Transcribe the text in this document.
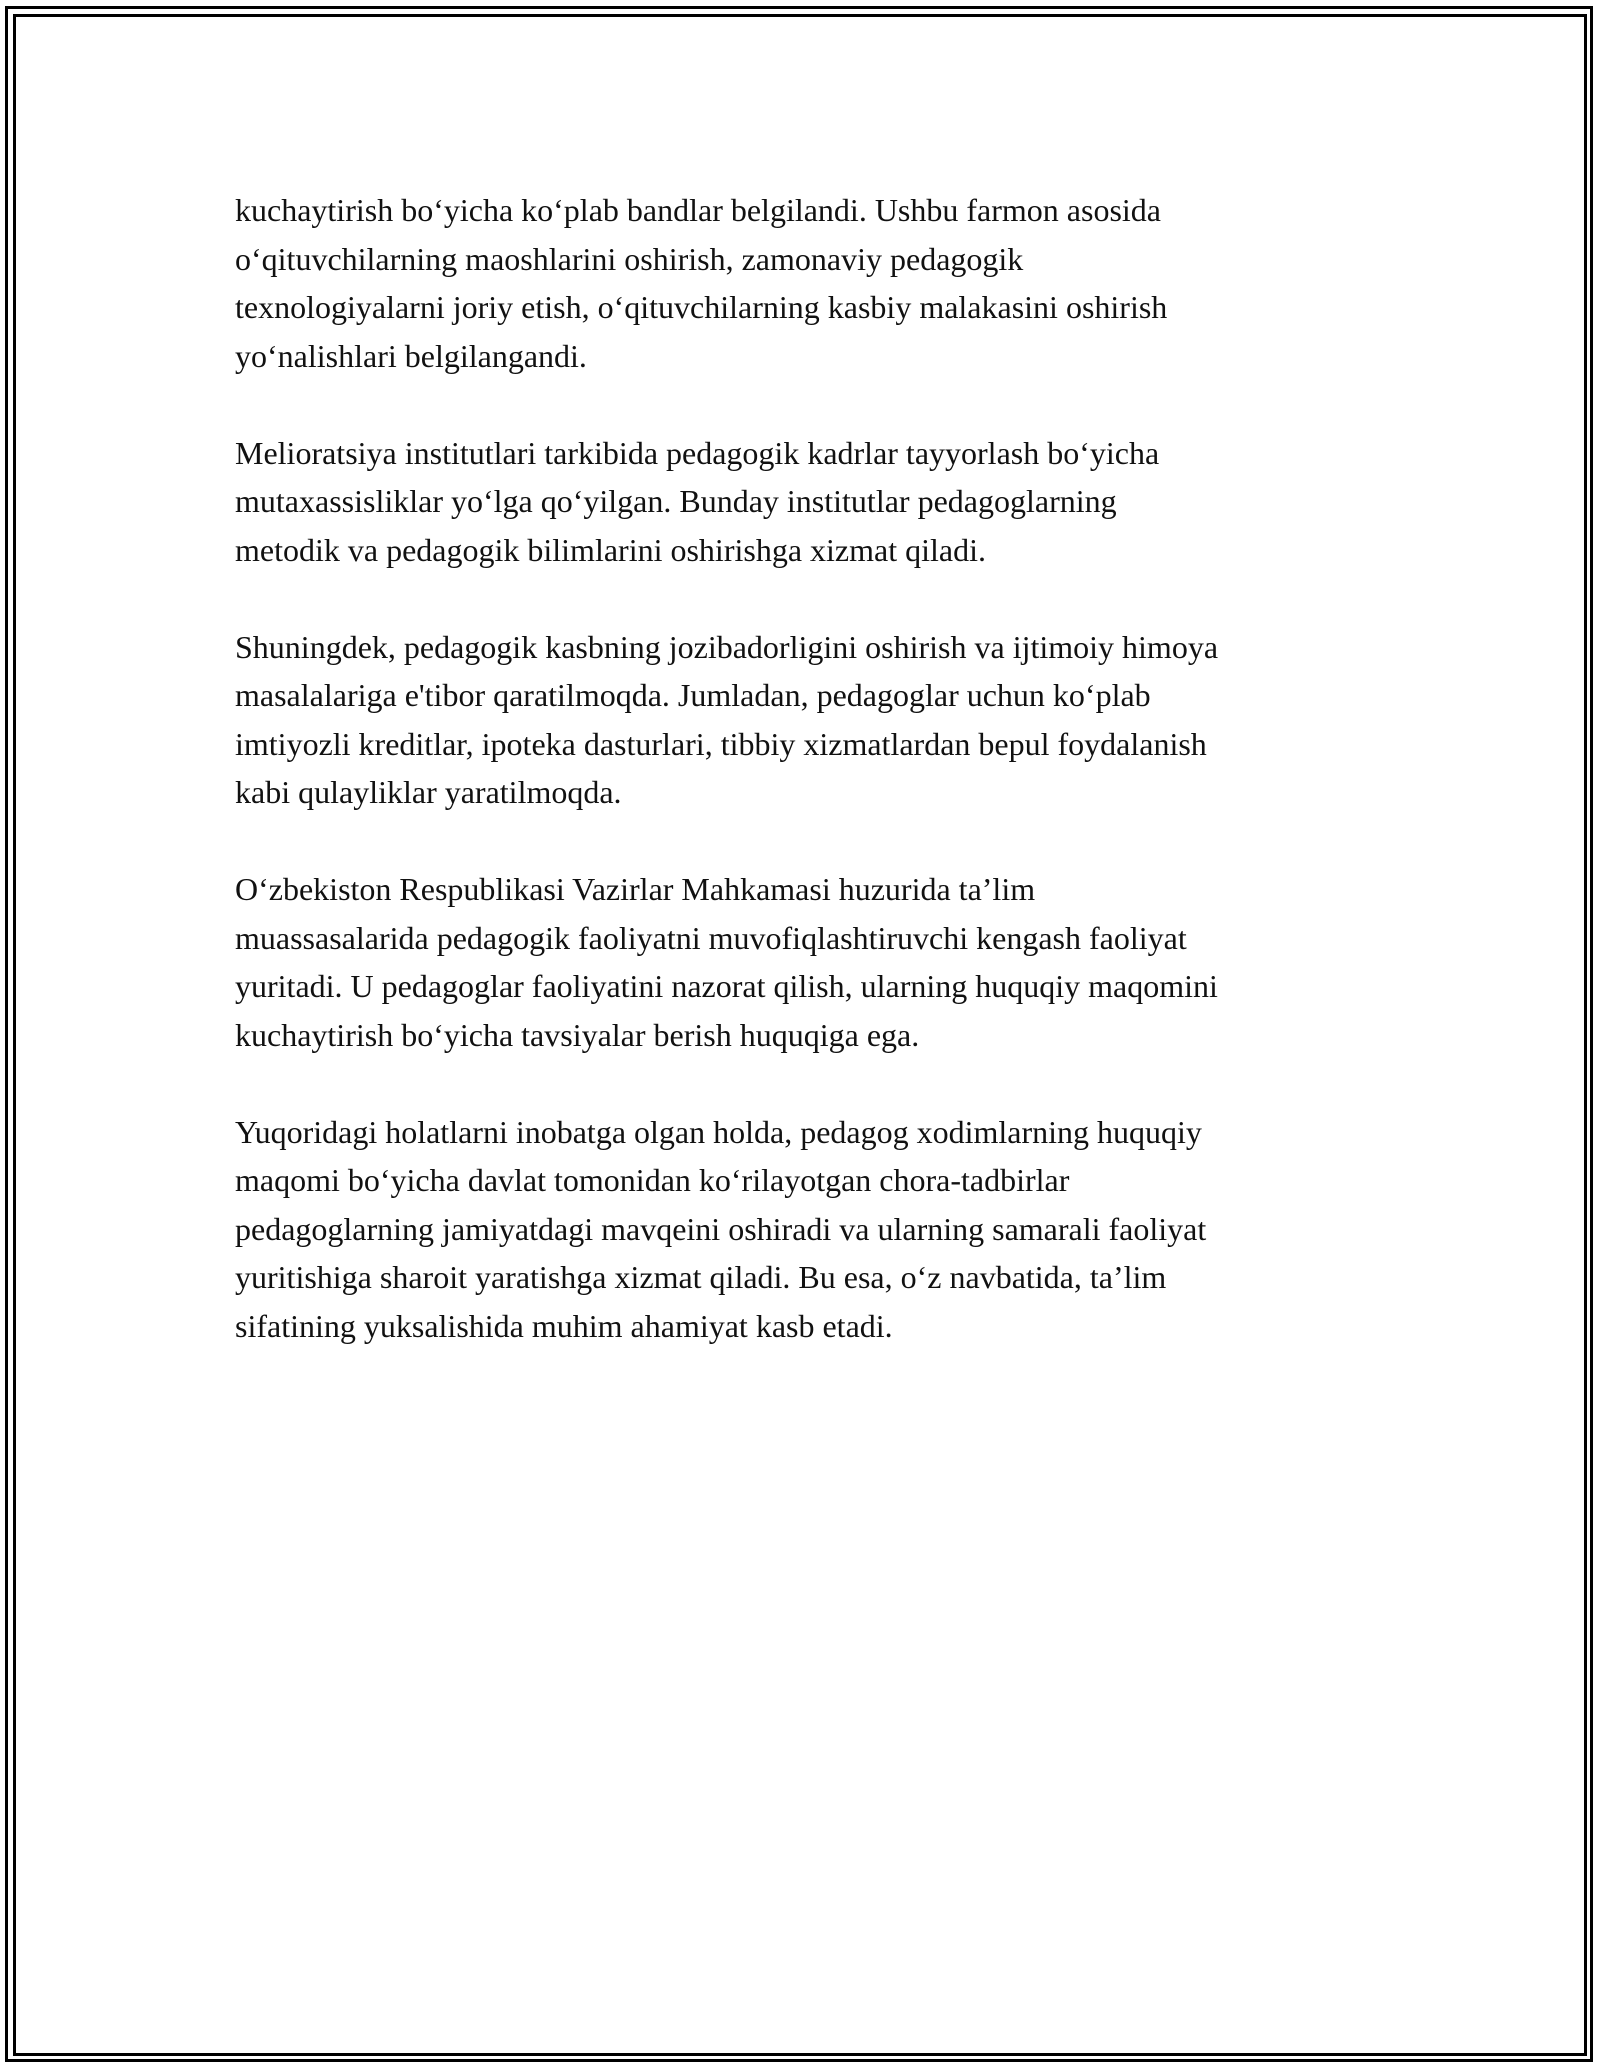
kuchaytirish bo‘yicha ko‘plab bandlar belgilandi. Ushbu farmon asosida
o‘qituvchilarning maoshlarini oshirish, zamonaviy pedagogik
texnologiyalarni joriy etish, o‘qituvchilarning kasbiy malakasini oshirish
yo‘nalishlari belgilangandi.

Melioratsiya institutlari tarkibida pedagogik kadrlar tayyorlash bo‘yicha
mutaxassisliklar yo‘lga qo‘yilgan. Bunday institutlar pedagoglarning
metodik va pedagogik bilimlarini oshirishga xizmat qiladi.

Shuningdek, pedagogik kasbning jozibadorligini oshirish va ijtimoiy himoya
masalalariga e'tibor qaratilmoqda. Jumladan, pedagoglar uchun ko‘plab
imtiyozli kreditlar, ipoteka dasturlari, tibbiy xizmatlardan bepul foydalanish
kabi qulayliklar yaratilmoqda.

O‘zbekiston Respublikasi Vazirlar Mahkamasi huzurida ta’lim
muassasalarida pedagogik faoliyatni muvofiqlashtiruvchi kengash faoliyat
yuritadi. U pedagoglar faoliyatini nazorat qilish, ularning huquqiy maqomini
kuchaytirish bo‘yicha tavsiyalar berish huquqiga ega.

Yuqoridagi holatlarni inobatga olgan holda, pedagog xodimlarning huquqiy
maqomi bo‘yicha davlat tomonidan ko‘rilayotgan chora-tadbirlar
pedagoglarning jamiyatdagi mavqeini oshiradi va ularning samarali faoliyat
yuritishiga sharoit yaratishga xizmat qiladi. Bu esa, o‘z navbatida, ta’lim
sifatining yuksalishida muhim ahamiyat kasb etadi.
